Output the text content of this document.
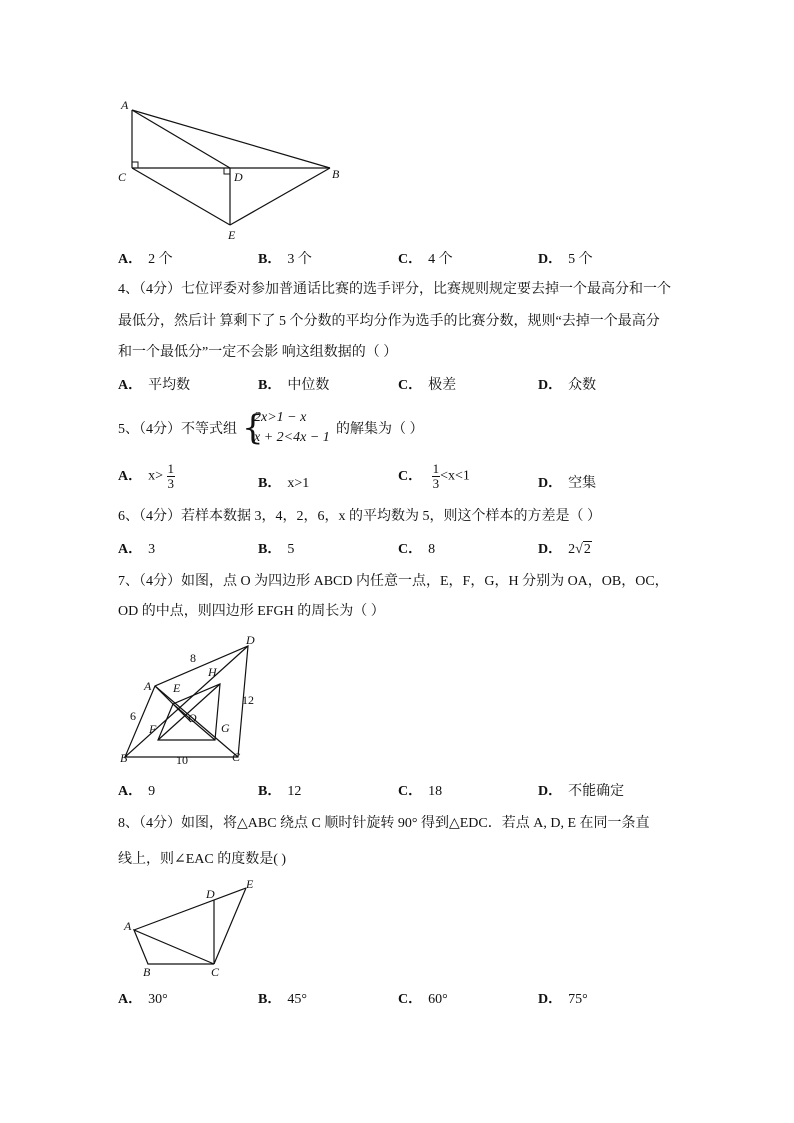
A
C	D	B
E
A． 2 个	B． 3 个	C． 4 个	D． 5 个
4、（4分）七位评委对参加普通话比赛的选手评分，比赛规则规定要去掉一个最高分和一个
最低分，然后计 算剩下了 5 个分数的平均分作为选手的比赛分数，规则“去掉一个最高分
和一个最低分”一定不会影 响这组数据的（ ）
A． 平均数	B． 中位数	C． 极差	D． 众数
5、（4分）不等式组 {
2x>1 − x
x + 2<4x − 1
的解集为（ ）
A． $x> \frac{1}{3}$	B． x>1	C． $\frac{1}{3} <x<1$	D． 空集
6、（4分）若样本数据 3，4，2，6，x 的平均数为 5，则这个样本的方差是（ ）
A． 3	B． 5	C． 8	D． 2√2
7、（4分）如图，点 O 为四边形 ABCD 内任意一点，E，F，G，H 分别为 OA，OB，OC，
OD 的中点，则四边形 EFGH 的周长为（ ）
A
B	C
D
E
F	G
H
O
8
6
10
12
A． 9	B． 12	C． 18	D． 不能确定
8、（4分）如图，将△ABC 绕点 C 顺时针旋转 90° 得到△EDC．若点 A, D, E 在同一条直
线上，则∠EAC 的度数是( )
A
B	C
D
E
A． 30°	B． 45°	C． 60°	D． 75°
